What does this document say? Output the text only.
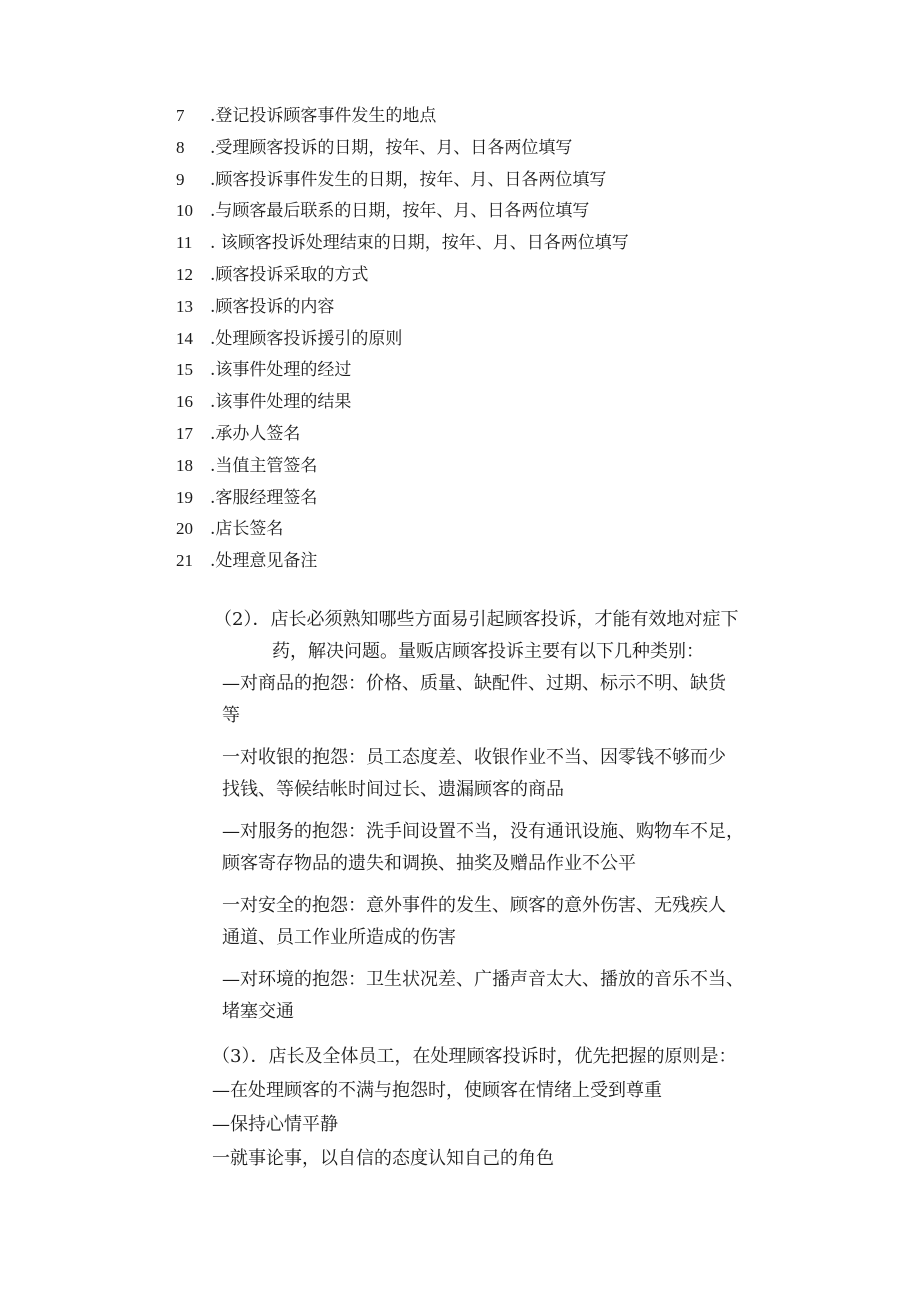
7 .登记投诉顾客事件发生的地点
8 .受理顾客投诉的日期，按年、月、日各两位填写
9 .顾客投诉事件发生的日期，按年、月、日各两位填写
10 .与顾客最后联系的日期，按年、月、日各两位填写
11 . 该顾客投诉处理结束的日期，按年、月、日各两位填写
12 .顾客投诉采取的方式
13 .顾客投诉的内容
14 .处理顾客投诉援引的原则
15 .该事件处理的经过
16 .该事件处理的结果
17 .承办人签名
18 .当值主管签名
19 .客服经理签名
20 .店长签名
21 .处理意见备注
（2）．店长必须熟知哪些方面易引起顾客投诉，才能有效地对症下
药，解决问题。量贩店顾客投诉主要有以下几种类别：
—对商品的抱怨：价格、质量、缺配件、过期、标示不明、缺货
等
一对收银的抱怨：员工态度差、收银作业不当、因零钱不够而少
找钱、等候结帐时间过长、遗漏顾客的商品
—对服务的抱怨：洗手间设置不当，没有通讯设施、购物车不足，
顾客寄存物品的遗失和调换、抽奖及赠品作业不公平
一对安全的抱怨：意外事件的发生、顾客的意外伤害、无残疾人
通道、员工作业所造成的伤害
—对环境的抱怨：卫生状况差、广播声音太大、播放的音乐不当、
堵塞交通
（3）．店长及全体员工，在处理顾客投诉时，优先把握的原则是：
—在处理顾客的不满与抱怨时，使顾客在情绪上受到尊重
—保持心情平静
一就事论事，以自信的态度认知自己的角色
